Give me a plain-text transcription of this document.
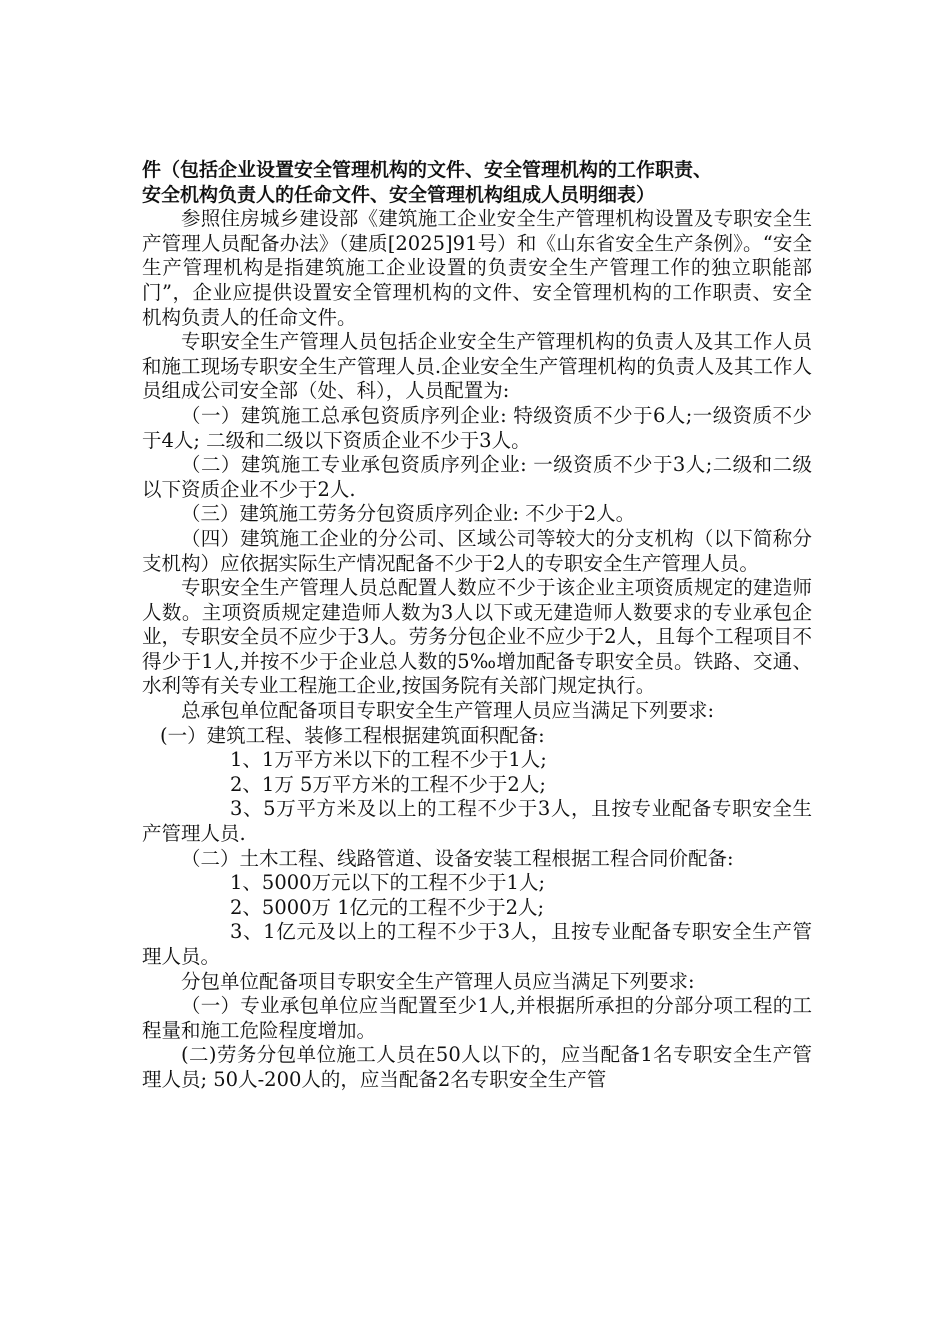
件（包括企业设置安全管理机构的文件、安全管理机构的工作职责、
安全机构负责人的任命文件、安全管理机构组成人员明细表）

参照住房城乡建设部《建筑施工企业安全生产管理机构设置及专职安全生产管理人员配备办法》（建质[2025]91号）和《山东省安全生产条例》。“安全生产管理机构是指建筑施工企业设置的负责安全生产管理工作的独立职能部门”，企业应提供设置安全管理机构的文件、安全管理机构的工作职责、安全机构负责人的任命文件。

专职安全生产管理人员包括企业安全生产管理机构的负责人及其工作人员和施工现场专职安全生产管理人员.企业安全生产管理机构的负责人及其工作人员组成公司安全部（处、科），人员配置为:

（一）建筑施工总承包资质序列企业: 特级资质不少于6人;一级资质不少于4人; 二级和二级以下资质企业不少于3人。

（二）建筑施工专业承包资质序列企业: 一级资质不少于3人;二级和二级以下资质企业不少于2人.

（三）建筑施工劳务分包资质序列企业: 不少于2人。

（四）建筑施工企业的分公司、区域公司等较大的分支机构（以下简称分支机构）应依据实际生产情况配备不少于2人的专职安全生产管理人员。

专职安全生产管理人员总配置人数应不少于该企业主项资质规定的建造师人数。主项资质规定建造师人数为3人以下或无建造师人数要求的专业承包企业，专职安全员不应少于3人。劳务分包企业不应少于2人，且每个工程项目不得少于1人,并按不少于企业总人数的5‰增加配备专职安全员。铁路、交通、水利等有关专业工程施工企业,按国务院有关部门规定执行。

总承包单位配备项目专职安全生产管理人员应当满足下列要求:

(一）建筑工程、装修工程根据建筑面积配备:

1、1万平方米以下的工程不少于1人;

2、1万 5万平方米的工程不少于2人;

3、5万平方米及以上的工程不少于3人，且按专业配备专职安全生产管理人员.

（二）土木工程、线路管道、设备安装工程根据工程合同价配备:

1、5000万元以下的工程不少于1人;

2、5000万 1亿元的工程不少于2人;

3、1亿元及以上的工程不少于3人，且按专业配备专职安全生产管理人员。

分包单位配备项目专职安全生产管理人员应当满足下列要求:

（一）专业承包单位应当配置至少1人,并根据所承担的分部分项工程的工程量和施工危险程度增加。

(二)劳务分包单位施工人员在50人以下的，应当配备1名专职安全生产管理人员; 50人-200人的，应当配备2名专职安全生产管
